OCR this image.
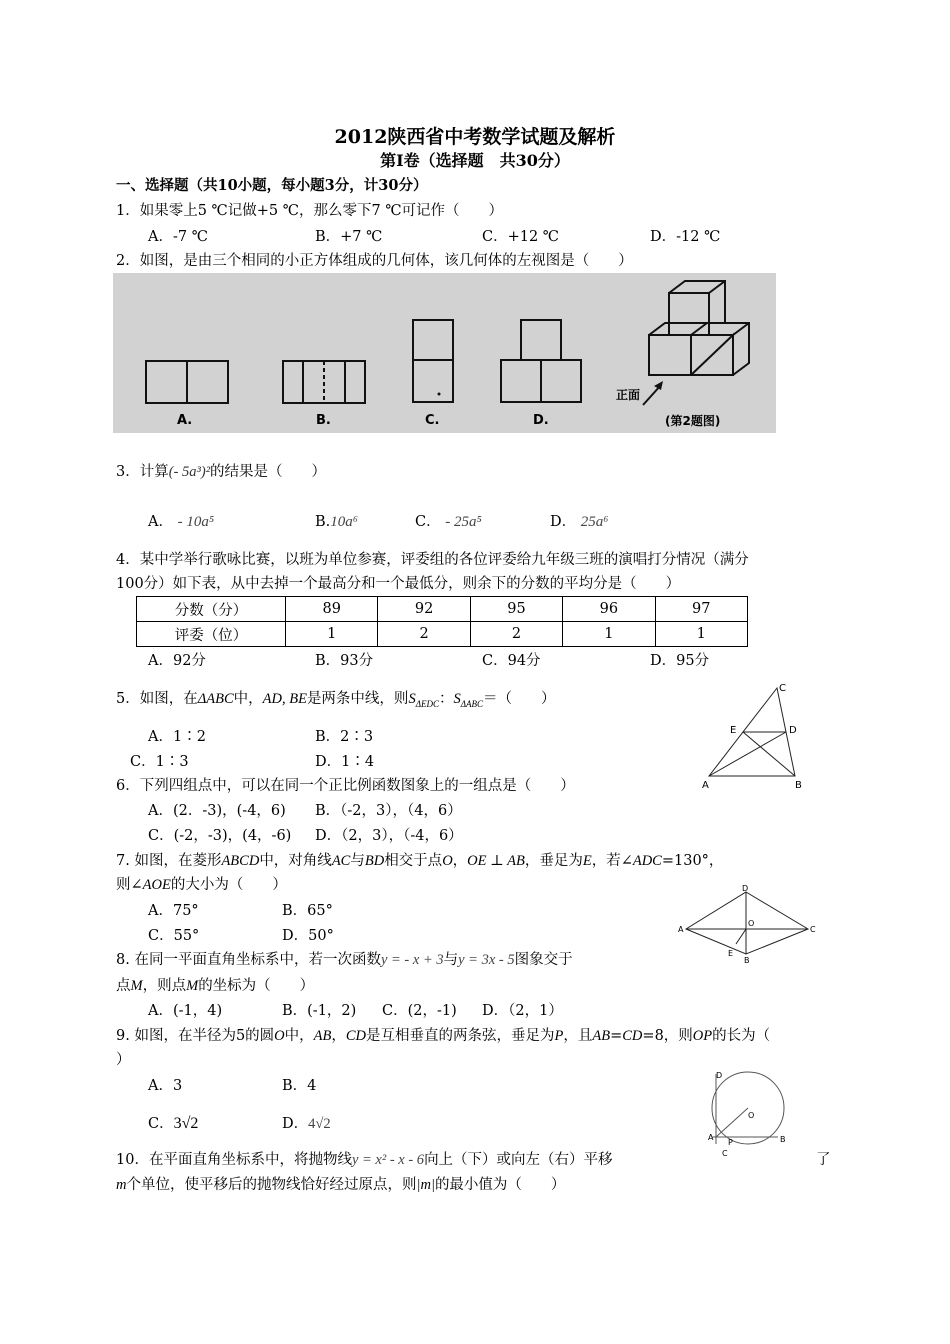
2012陕西省中考数学试题及解析
第Ⅰ卷（选择题　共30分）
一、选择题（共10小题，每小题3分，计30分）
1．如果零上5 ℃记做+5 ℃，那么零下7 ℃可记作（　　）
A．-7 ℃	B．+7 ℃	C．+12 ℃	D．-12 ℃
2．如图，是由三个相同的小正方体组成的几何体，该几何体的左视图是（　　）
A.	B.	C.	D.
正面
(第2题图)
3．计算(- 5a³)²的结果是（　　）
A． - 10a⁵	B.10a⁶	C． - 25a⁵	D． 25a⁶
4．某中学举行歌咏比赛，以班为单位参赛，评委组的各位评委给九年级三班的演唱打分情况（满分
100分）如下表，从中去掉一个最高分和一个最低分，则余下的分数的平均分是（　　）
分数（分）	89	92	95	96	97
评委（位）	1	2	2	1	1
A．92分	B．93分	C．94分	D．95分
5．如图，在ΔABC中，AD, BE是两条中线，则$S_{\Delta EDC}$：$S_{\Delta ABC}=$（　　）
A．1∶2	B．2∶3
C．1∶3	D．1∶4
C
E	D
A	B
6．下列四组点中，可以在同一个正比例函数图象上的一组点是（　　）
A．(2．-3)，(-4，6) B．（-2，3），（4，6）
C．(-2，-3)，(4，-6) D．（2，3），（-4，6）
7. 如图，在菱形ABCD中，对角线AC与BD相交于点O，OE ⊥ AB，垂足为E，若∠ADC=130°，
则∠AOE的大小为（　　）
A．75°	B．65°
C．55°	D．50°
D
A
O
C
E
B
8. 在同一平面直角坐标系中，若一次函数y = - x + 3与y = 3x - 5图象交于
点M，则点M的坐标为（　　）
A．(-1，4)	B．(-1，2) C．(2，-1) D．（2，1）
9. 如图，在半径为5的圆O中，AB，CD是互相垂直的两条弦，垂足为P，且AB=CD=8，则OP的长为（
）
A．3	B．4
C．3√2	D．4√2
D
O
A
P	B
C
10．在平面直角坐标系中，将抛物线y = x² - x - 6向上（下）或向左（右）平移	了
m个单位，使平移后的抛物线恰好经过原点，则|m|的最小值为（　　）
